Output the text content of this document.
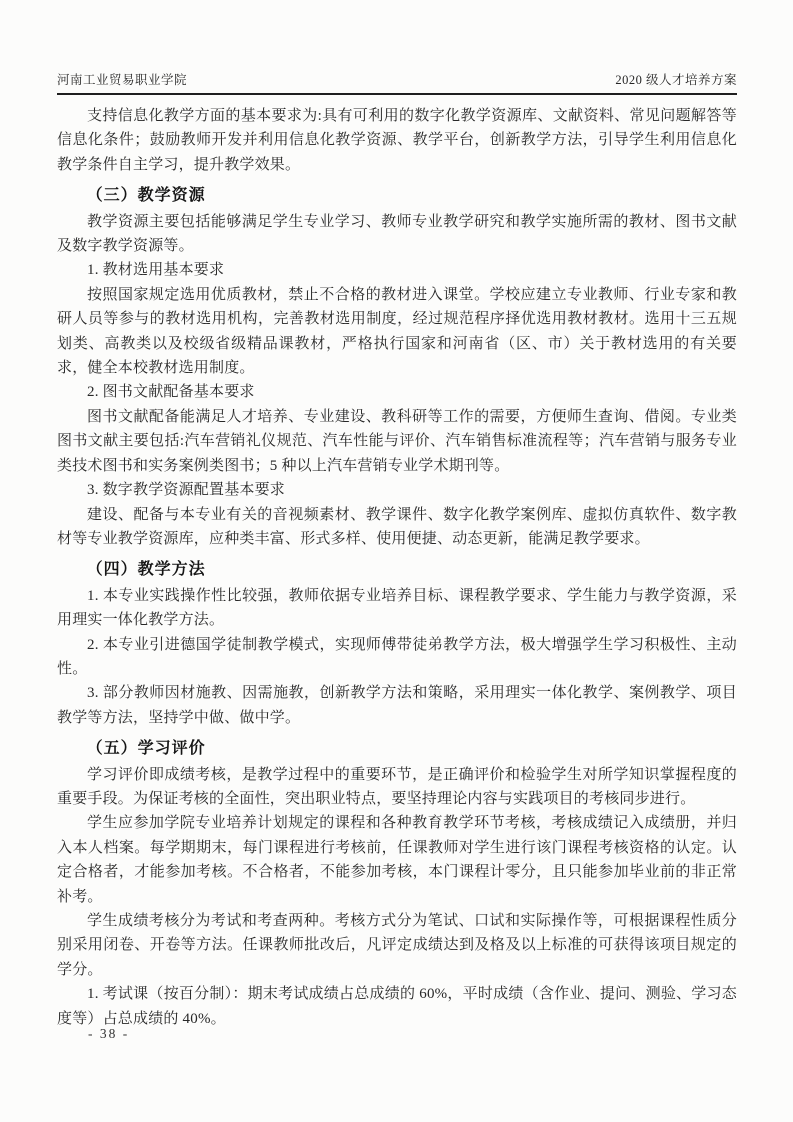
河南工业贸易职业学院	2020 级人才培养方案

支持信息化教学方面的基本要求为:具有可利用的数字化教学资源库、文献资料、常见问题解答等信息化条件；鼓励教师开发并利用信息化教学资源、教学平台，创新教学方法，引导学生利用信息化教学条件自主学习，提升教学效果。

（三）教学资源

教学资源主要包括能够满足学生专业学习、教师专业教学研究和教学实施所需的教材、图书文献及数字教学资源等。

1. 教材选用基本要求

按照国家规定选用优质教材，禁止不合格的教材进入课堂。学校应建立专业教师、行业专家和教研人员等参与的教材选用机构，完善教材选用制度，经过规范程序择优选用教材教材。选用十三五规划类、高教类以及校级省级精品课教材，严格执行国家和河南省（区、市）关于教材选用的有关要求，健全本校教材选用制度。

2. 图书文献配备基本要求

图书文献配备能满足人才培养、专业建设、教科研等工作的需要，方便师生查询、借阅。专业类图书文献主要包括:汽车营销礼仪规范、汽车性能与评价、汽车销售标准流程等；汽车营销与服务专业类技术图书和实务案例类图书；5 种以上汽车营销专业学术期刊等。

3. 数字教学资源配置基本要求

建设、配备与本专业有关的音视频素材、教学课件、数字化教学案例库、虚拟仿真软件、数字教材等专业教学资源库，应种类丰富、形式多样、使用便捷、动态更新，能满足教学要求。

（四）教学方法

1. 本专业实践操作性比较强，教师依据专业培养目标、课程教学要求、学生能力与教学资源，采用理实一体化教学方法。

2. 本专业引进德国学徒制教学模式，实现师傅带徒弟教学方法，极大增强学生学习积极性、主动性。

3. 部分教师因材施教、因需施教，创新教学方法和策略，采用理实一体化教学、案例教学、项目教学等方法，坚持学中做、做中学。

（五）学习评价

学习评价即成绩考核，是教学过程中的重要环节，是正确评价和检验学生对所学知识掌握程度的重要手段。为保证考核的全面性，突出职业特点，要坚持理论内容与实践项目的考核同步进行。

学生应参加学院专业培养计划规定的课程和各种教育教学环节考核，考核成绩记入成绩册，并归入本人档案。每学期期末，每门课程进行考核前，任课教师对学生进行该门课程考核资格的认定。认定合格者，才能参加考核。不合格者，不能参加考核，本门课程计零分，且只能参加毕业前的非正常补考。

学生成绩考核分为考试和考查两种。考核方式分为笔试、口试和实际操作等，可根据课程性质分别采用闭卷、开卷等方法。任课教师批改后，凡评定成绩达到及格及以上标准的可获得该项目规定的学分。

1. 考试课（按百分制）：期末考试成绩占总成绩的 60%，平时成绩（含作业、提问、测验、学习态度等）占总成绩的 40%。

- 38 -
